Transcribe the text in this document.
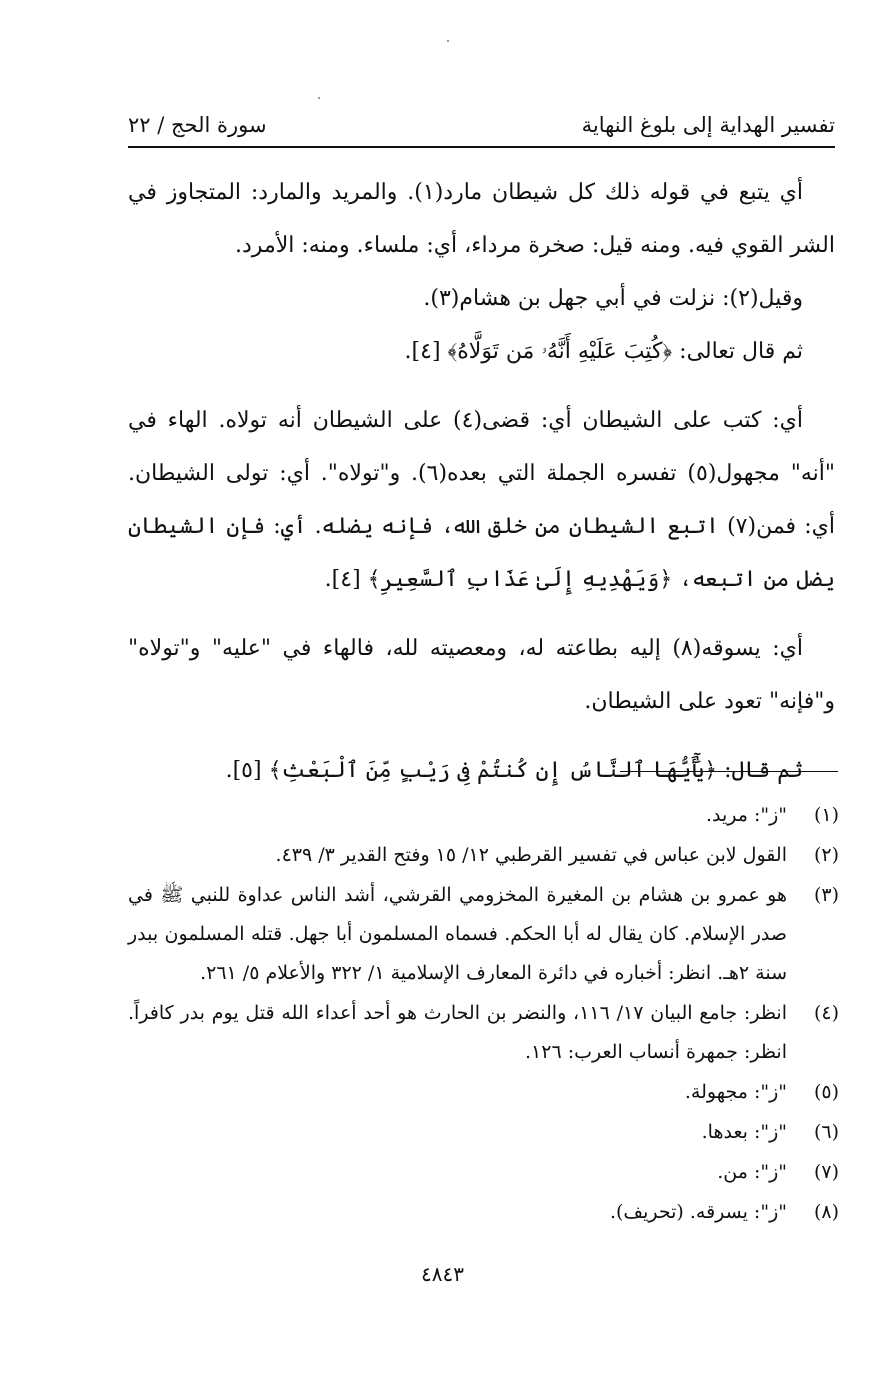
تفسير الهداية إلى بلوغ النهاية
سورة الحج / ٢٢

أي يتبع في قوله ذلك كل شيطان مارد(١). والمريد والمارد: المتجاوز في الشر القوي فيه. ومنه قيل: صخرة مرداء، أي: ملساء. ومنه: الأمرد.

وقيل(٢): نزلت في أبي جهل بن هشام(٣).

ثم قال تعالى: ﴿كُتِبَ عَلَيْهِ أَنَّهُۥ مَن تَوَلَّاهُ﴾ [٤].

أي: كتب على الشيطان أي: قضى(٤) على الشيطان أنه تولاه. الهاء في "أنه" مجهول(٥) تفسره الجملة التي بعده(٦). و"تولاه". أي: تولى الشيطان. أي: فمن(٧) اتبع الشيطان من خلق الله، فإنه يضله. أي: فإن الشيطان يضل من اتبعه، ﴿وَيَهْدِيهِ إِلَىٰ عَذَابِ ٱلسَّعِيرِ﴾ [٤].

أي: يسوقه(٨) إليه بطاعته له، ومعصيته لله، فالهاء في "عليه" و"تولاه" و"فإنه" تعود على الشيطان.

ثم قال: ﴿يَٰٓأَيُّهَا ٱلنَّاسُ إِن كُنتُمْ فِى رَيْبٍ مِّنَ ٱلْبَعْثِ﴾ [٥].

(١)
"ز": مريد.
(٢)
القول لابن عباس في تفسير القرطبي ١٢/ ١٥ وفتح القدير ٣/ ٤٣٩.
(٣)
هو عمرو بن هشام بن المغيرة المخزومي القرشي، أشد الناس عداوة للنبي ﷺ في صدر الإسلام. كان يقال له أبا الحكم. فسماه المسلمون أبا جهل. قتله المسلمون ببدر سنة ٢هـ. انظر: أخباره في دائرة المعارف الإسلامية ١/ ٣٢٢ والأعلام ٥/ ٢٦١.
(٤)
انظر: جامع البيان ١٧/ ١١٦، والنضر بن الحارث هو أحد أعداء الله قتل يوم بدر كافراً. انظر: جمهرة أنساب العرب: ١٢٦.
(٥)
"ز": مجهولة.
(٦)
"ز": بعدها.
(٧)
"ز": من.
(٨)
"ز": يسرقه. (تحريف).
٤٨٤٣
